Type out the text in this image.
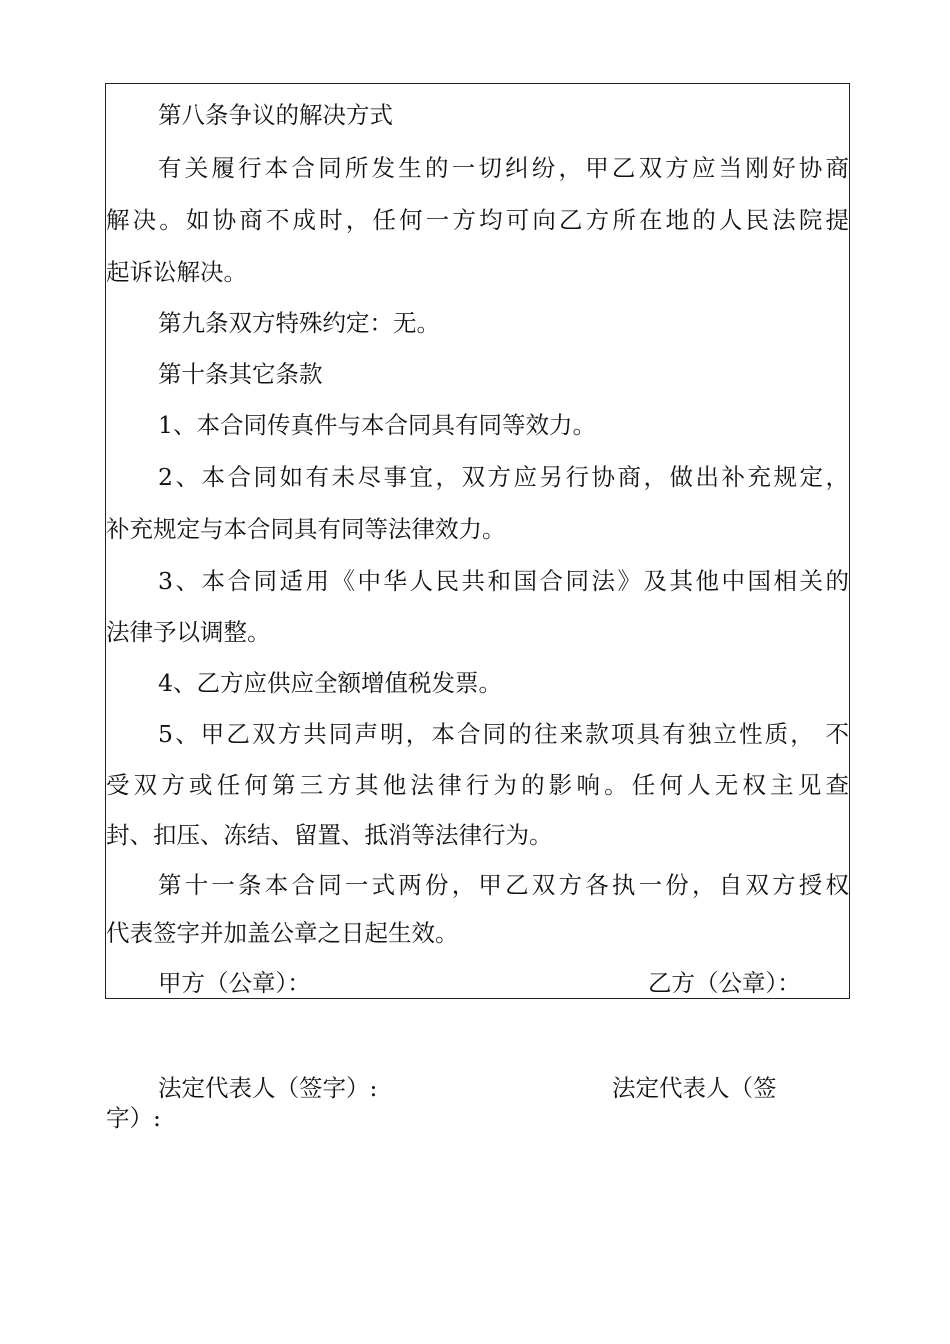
第八条争议的解决方式
有关履行本合同所发生的一切纠纷，甲乙双方应当刚好协商
解决。如协商不成时，任何一方均可向乙方所在地的人民法院提
起诉讼解决。
第九条双方特殊约定：无。
第十条其它条款
1、本合同传真件与本合同具有同等效力。
2、本合同如有未尽事宜，双方应另行协商，做出补充规定，
补充规定与本合同具有同等法律效力。
3、本合同适用《中华人民共和国合同法》及其他中国相关的
法律予以调整。
4、乙方应供应全额增值税发票。
5、甲乙双方共同声明，本合同的往来款项具有独立性质， 不
受双方或任何第三方其他法律行为的影响。任何人无权主见查
封、扣压、冻结、留置、抵消等法律行为。
第十一条本合同一式两份，甲乙双方各执一份，自双方授权
代表签字并加盖公章之日起生效。
甲方（公章）：	乙方（公章）：
法定代表人（签字）:	法定代表人（签
字）:
